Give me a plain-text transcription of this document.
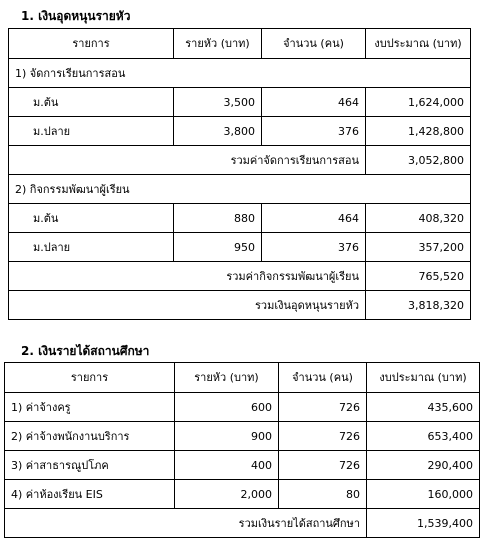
1. เงินอุดหนุนรายหัว
รายการ	รายหัว (บาท)	จำนวน (คน)	งบประมาณ (บาท)
1) จัดการเรียนการสอน			
ม.ต้น	3,500	464	1,624,000
ม.ปลาย	3,800	376	1,428,800
รวมค่าจัดการเรียนการสอน			3,052,800
2) กิจกรรมพัฒนาผู้เรียน			
ม.ต้น	880	464	408,320
ม.ปลาย	950	376	357,200
รวมค่ากิจกรรมพัฒนาผู้เรียน			765,520
รวมเงินอุดหนุนรายหัว			3,818,320
2. เงินรายได้สถานศึกษา
รายการ	รายหัว (บาท)	จำนวน (คน)	งบประมาณ (บาท)
1) ค่าจ้างครู	600	726	435,600
2) ค่าจ้างพนักงานบริการ	900	726	653,400
3) ค่าสาธารณูปโภค	400	726	290,400
4) ค่าห้องเรียน EIS	2,000	80	160,000
รวมเงินรายได้สถานศึกษา			1,539,400
